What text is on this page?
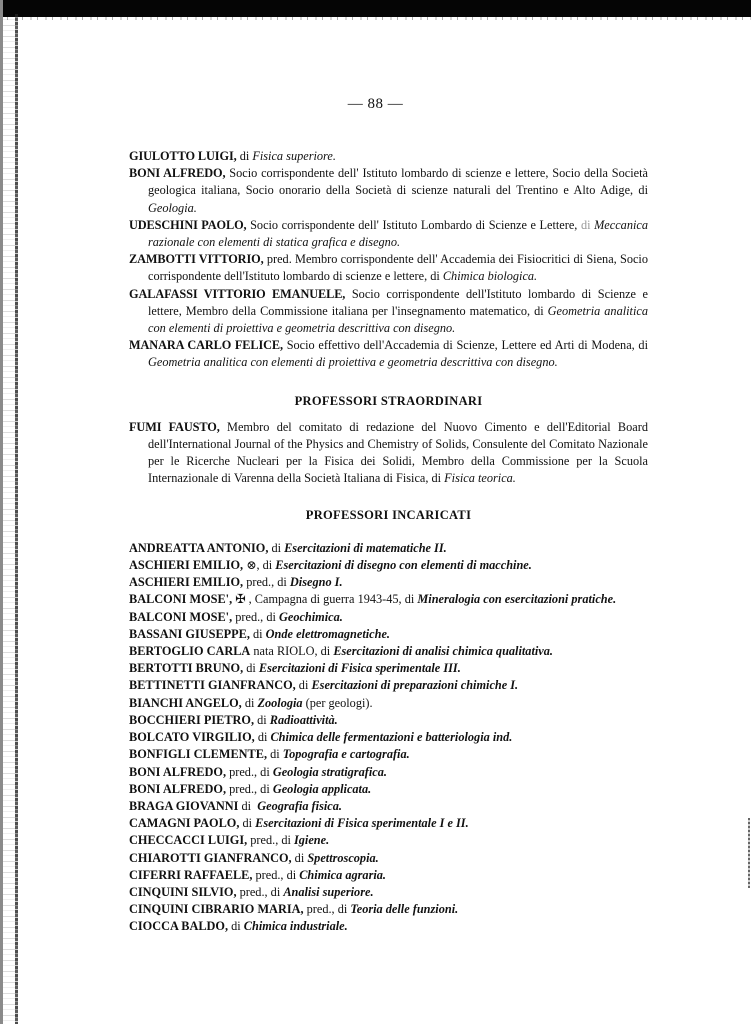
— 88 —

GIULOTTO LUIGI, di Fisica superiore.

BONI ALFREDO, Socio corrispondente dell' Istituto lombardo di scienze e lettere, Socio della Società geologica italiana, Socio onorario della Società di scienze naturali del Trentino e Alto Adige, di Geologia.

UDESCHINI PAOLO, Socio corrispondente dell' Istituto Lombardo di Scienze e Lettere, di Meccanica razionale con elementi di statica grafica e disegno.

ZAMBOTTI VITTORIO, pred. Membro corrispondente dell' Accademia dei Fisiocritici di Siena, Socio corrispondente dell'Istituto lombardo di scienze e lettere, di Chimica biologica.

GALAFASSI VITTORIO EMANUELE, Socio corrispondente dell'Istituto lombardo di Scienze e lettere, Membro della Commissione italiana per l'insegnamento matematico, di Geometria analitica con elementi di proiettiva e geometria descrittiva con disegno.

MANARA CARLO FELICE, Socio effettivo dell'Accademia di Scienze, Lettere ed Arti di Modena, di Geometria analitica con elementi di proiettiva e geometria descrittiva con disegno.

PROFESSORI STRAORDINARI

FUMI FAUSTO, Membro del comitato di redazione del Nuovo Cimento e dell'Editorial Board dell'International Journal of the Physics and Chemistry of Solids, Consulente del Comitato Nazionale per le Ricerche Nucleari per la Fisica dei Solidi, Membro della Commissione per la Scuola Internazionale di Varenna della Società Italiana di Fisica, di Fisica teorica.

PROFESSORI INCARICATI

ANDREATTA ANTONIO, di Esercitazioni di matematiche II.

ASCHIERI EMILIO, ⊗, di Esercitazioni di disegno con elementi di macchine.

ASCHIERI EMILIO, pred., di Disegno I.

BALCONI MOSE', ✠ , Campagna di guerra 1943-45, di Mineralogia con esercitazioni pratiche.

BALCONI MOSE', pred., di Geochimica.

BASSANI GIUSEPPE, di Onde elettromagnetiche.

BERTOGLIO CARLA nata RIOLO, di Esercitazioni di analisi chimica qualitativa.

BERTOTTI BRUNO, di Esercitazioni di Fisica sperimentale III.

BETTINETTI GIANFRANCO, di Esercitazioni di preparazioni chimiche I.

BIANCHI ANGELO, di Zoologia (per geologi).

BOCCHIERI PIETRO, di Radioattività.

BOLCATO VIRGILIO, di Chimica delle fermentazioni e batteriologia ind.

BONFIGLI CLEMENTE, di Topografia e cartografia.

BONI ALFREDO, pred., di Geologia stratigrafica.

BONI ALFREDO, pred., di Geologia applicata.

BRAGA GIOVANNI di  Geografia fisica.

CAMAGNI PAOLO, di Esercitazioni di Fisica sperimentale I e II.

CHECCACCI LUIGI, pred., di Igiene.

CHIAROTTI GIANFRANCO, di Spettroscopia.

CIFERRI RAFFAELE, pred., di Chimica agraria.

CINQUINI SILVIO, pred., di Analisi superiore.

CINQUINI CIBRARIO MARIA, pred., di Teoria delle funzioni.

CIOCCA BALDO, di Chimica industriale.
